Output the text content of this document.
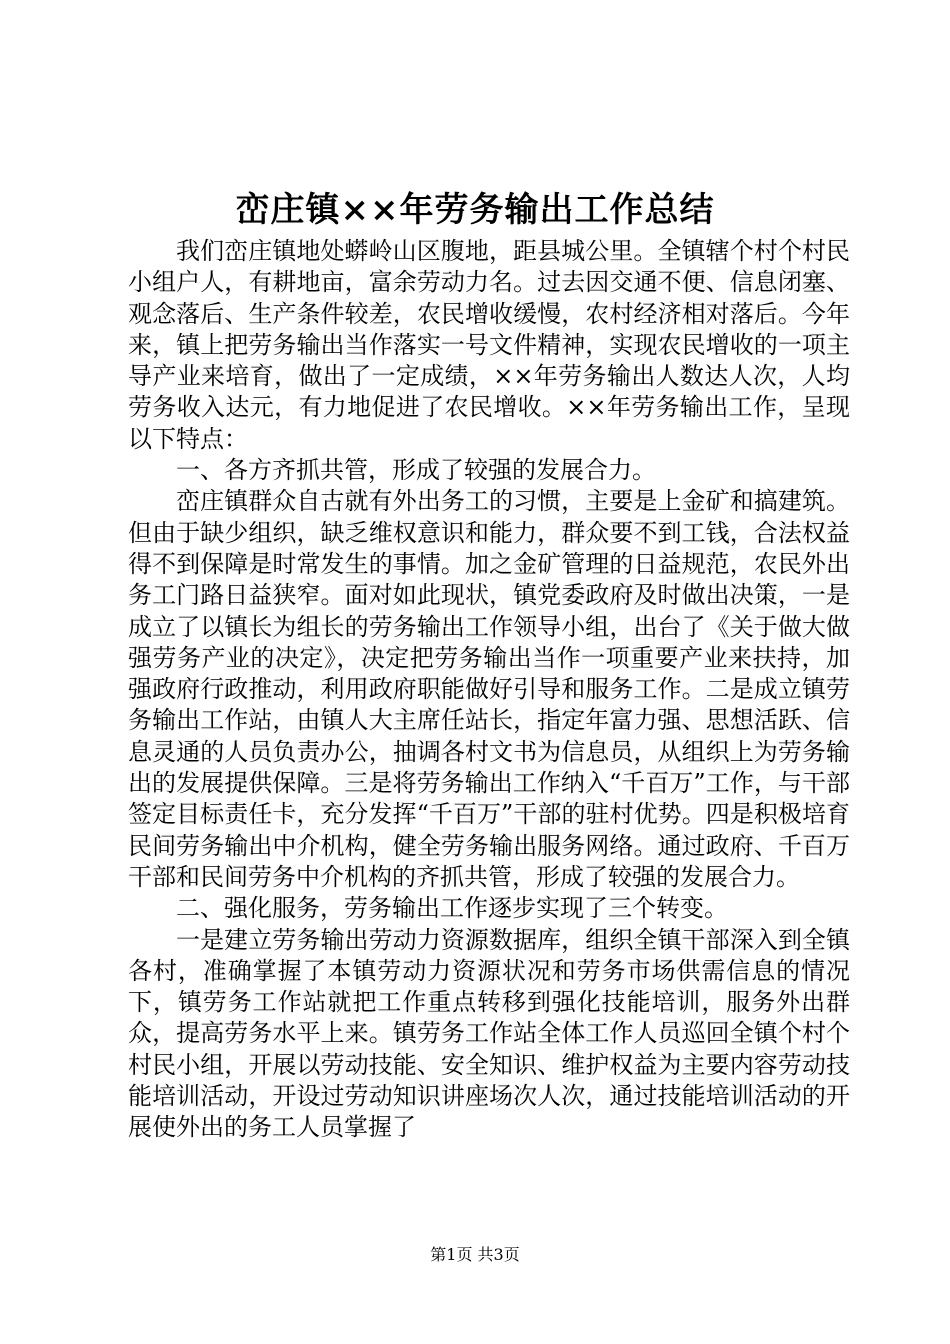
峦庄镇××年劳务输出工作总结

我们峦庄镇地处蟒岭山区腹地，距县城公里。全镇辖个村个村民小组户人，有耕地亩，富余劳动力名。过去因交通不便、信息闭塞、观念落后、生产条件较差，农民增收缓慢，农村经济相对落后。今年来，镇上把劳务输出当作落实一号文件精神，实现农民增收的一项主导产业来培育，做出了一定成绩，××年劳务输出人数达人次，人均劳务收入达元，有力地促进了农民增收。××年劳务输出工作，呈现以下特点：

一、各方齐抓共管，形成了较强的发展合力。

峦庄镇群众自古就有外出务工的习惯，主要是上金矿和搞建筑。但由于缺少组织，缺乏维权意识和能力，群众要不到工钱，合法权益得不到保障是时常发生的事情。加之金矿管理的日益规范，农民外出务工门路日益狭窄。面对如此现状，镇党委政府及时做出决策，一是成立了以镇长为组长的劳务输出工作领导小组，出台了《关于做大做强劳务产业的决定》，决定把劳务输出当作一项重要产业来扶持，加强政府行政推动，利用政府职能做好引导和服务工作。二是成立镇劳务输出工作站，由镇人大主席任站长，指定年富力强、思想活跃、信息灵通的人员负责办公，抽调各村文书为信息员，从组织上为劳务输出的发展提供保障。三是将劳务输出工作纳入“千百万”工作，与干部签定目标责任卡，充分发挥“千百万”干部的驻村优势。四是积极培育民间劳务输出中介机构，健全劳务输出服务网络。通过政府、千百万干部和民间劳务中介机构的齐抓共管，形成了较强的发展合力。

二、强化服务，劳务输出工作逐步实现了三个转变。

一是建立劳务输出劳动力资源数据库，组织全镇干部深入到全镇各村，准确掌握了本镇劳动力资源状况和劳务市场供需信息的情况下，镇劳务工作站就把工作重点转移到强化技能培训，服务外出群众，提高劳务水平上来。镇劳务工作站全体工作人员巡回全镇个村个村民小组，开展以劳动技能、安全知识、维护权益为主要内容劳动技能培训活动，开设过劳动知识讲座场次人次，通过技能培训活动的开展使外出的务工人员掌握了

第1页 共3页
